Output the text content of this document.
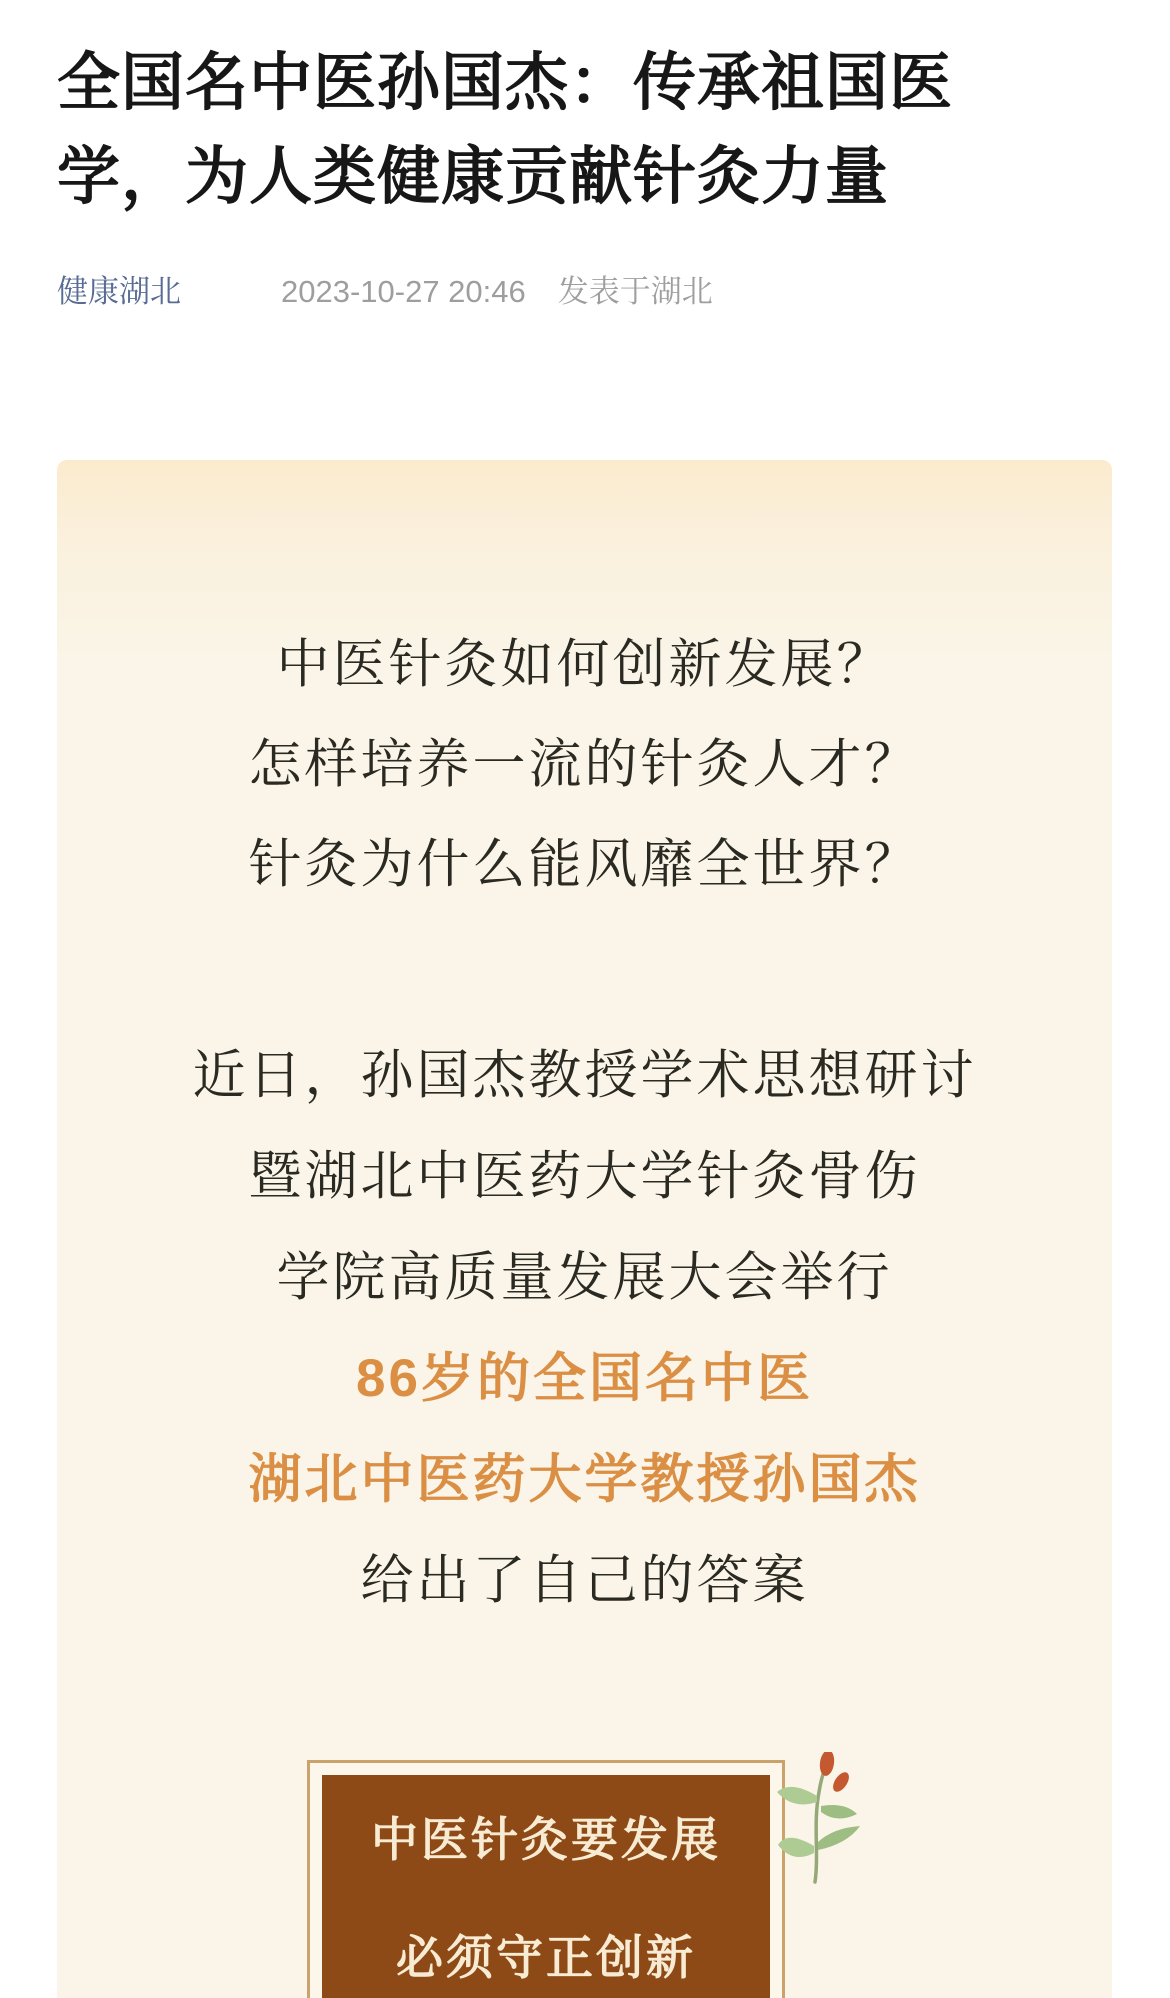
全国名中医孙国杰：传承祖国医
学，为人类健康贡献针灸力量
健康湖北	2023-10-27 20:46 发表于湖北
中医针灸如何创新发展？
怎样培养一流的针灸人才？
针灸为什么能风靡全世界？
近日，孙国杰教授学术思想研讨
暨湖北中医药大学针灸骨伤
学院高质量发展大会举行
86岁的全国名中医
湖北中医药大学教授孙国杰
给出了自己的答案
中医针灸要发展
必须守正创新
